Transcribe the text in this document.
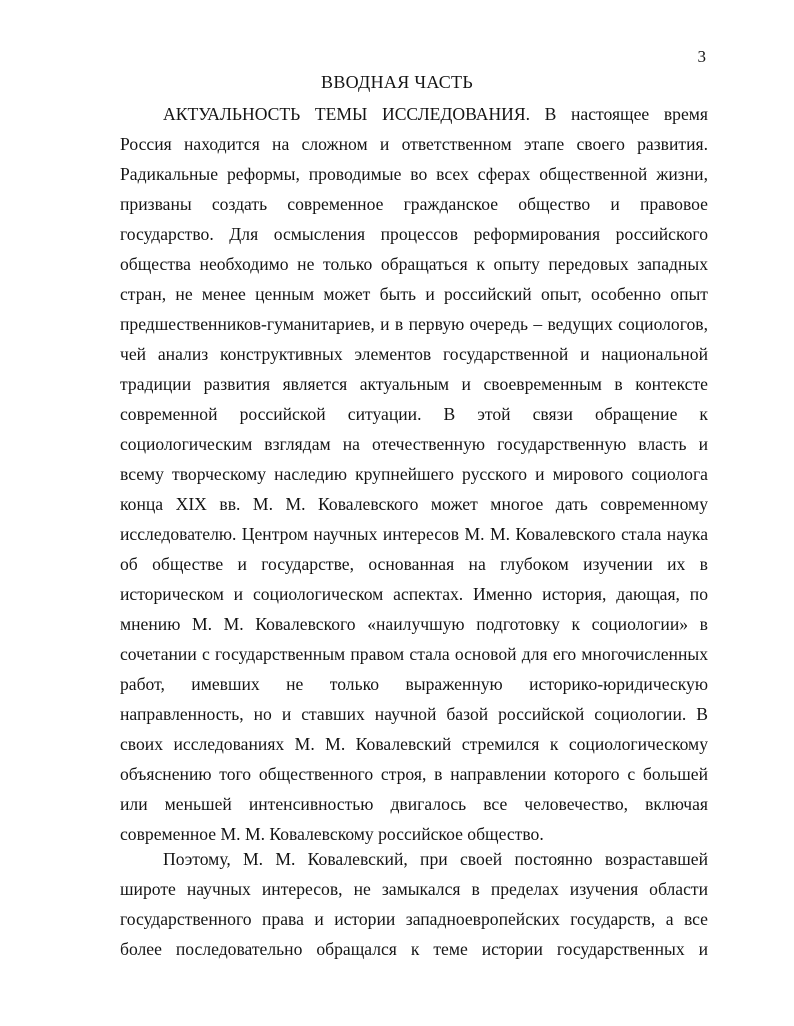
3
ВВОДНАЯ ЧАСТЬ
АКТУАЛЬНОСТЬ ТЕМЫ ИССЛЕДОВАНИЯ. В настоящее время
Россия находится на сложном и ответственном этапе своего развития.
Радикальные реформы, проводимые во всех сферах общественной жизни,
призваны создать современное гражданское общество и правовое
государство. Для осмысления процессов реформирования российского
общества необходимо не только обращаться к опыту передовых западных
стран, не менее ценным может быть и российский опыт, особенно опыт
предшественников-гуманитариев, и в первую очередь – ведущих социологов,
чей анализ конструктивных элементов государственной и национальной
традиции развития является актуальным и своевременным в контексте
современной российской ситуации. В этой связи обращение к
социологическим взглядам на отечественную государственную власть и
всему творческому наследию крупнейшего русского и мирового социолога
конца XIX вв. М. М. Ковалевского может многое дать современному
исследователю. Центром научных интересов М. М. Ковалевского стала наука
об обществе и государстве, основанная на глубоком изучении их в
историческом и социологическом аспектах. Именно история, дающая, по
мнению М. М. Ковалевского «наилучшую подготовку к социологии» в
сочетании с государственным правом стала основой для его многочисленных
работ, имевших не только выраженную историко-юридическую
направленность, но и ставших научной базой российской социологии. В
своих исследованиях М. М. Ковалевский стремился к социологическому
объяснению того общественного строя, в направлении которого с большей
или меньшей интенсивностью двигалось все человечество, включая
современное М. М. Ковалевскому российское общество.
Поэтому, М. М. Ковалевский, при своей постоянно возраставшей
широте научных интересов, не замыкался в пределах изучения области
государственного права и истории западноевропейских государств, а все
более последовательно обращался к теме истории государственных и
